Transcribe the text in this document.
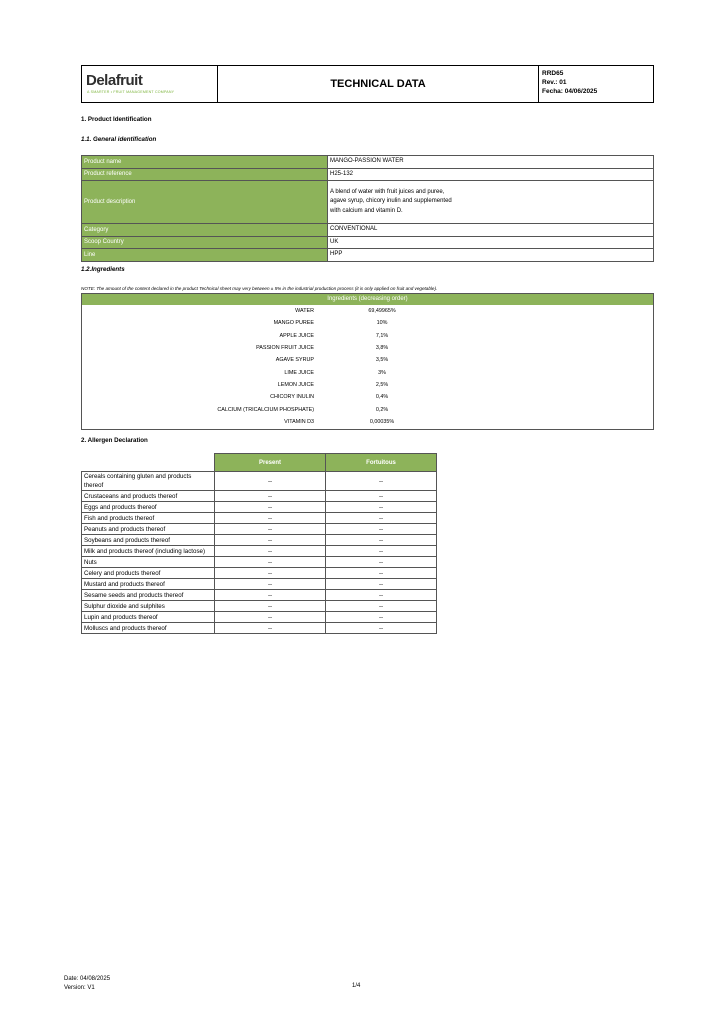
Delafruit
A SMARTER • FRUIT MANAGEMENT COMPANY
TECHNICAL DATA
RRD65
Rev.: 01
Fecha: 04/06/2025
1. Product Identification
1.1. General identification
Product name	MANGO-PASSION WATER
Product reference	H25-132
Product description	A blend of water with fruit juices and puree, agave syrup, chicory inulin and supplemented with calcium and vitamin D.
Category	CONVENTIONAL
Scoop Country	UK
Line	HPP
1.2.Ingredients
NOTE: The amount of the content declared in the product Technical sheet may very between ± 5% in the industrial production process (it is only applied on fruit and vegetable).
Ingredients (decreasing order)
WATER	69,49965%
MANGO PUREE	10%
APPLE JUICE	7,1%
PASSION FRUIT JUICE	3,8%
AGAVE SYRUP	3,5%
LIME JUICE	3%
LEMON JUICE	2,5%
CHICORY INULIN	0,4%
CALCIUM (TRICALCIUM PHOSPHATE)	0,2%
VITAMIN D3	0,00035%
2. Allergen Declaration
	Present	Fortuitous
Cereals containing gluten and products thereof	--	--
Crustaceans and products thereof	--	--
Eggs and products thereof	--	--
Fish and products thereof	--	--
Peanuts and products thereof	--	--
Soybeans and products thereof	--	--
Milk and products thereof (including lactose)	--	--
Nuts	--	--
Celery and products thereof	--	--
Mustard and products thereof	--	--
Sesame seeds and products thereof	--	--
Sulphur dioxide and sulphites	--	--
Lupin and products thereof	--	--
Molluscs and products thereof	--	--
Date: 04/08/2025
Version: V1	1/4
